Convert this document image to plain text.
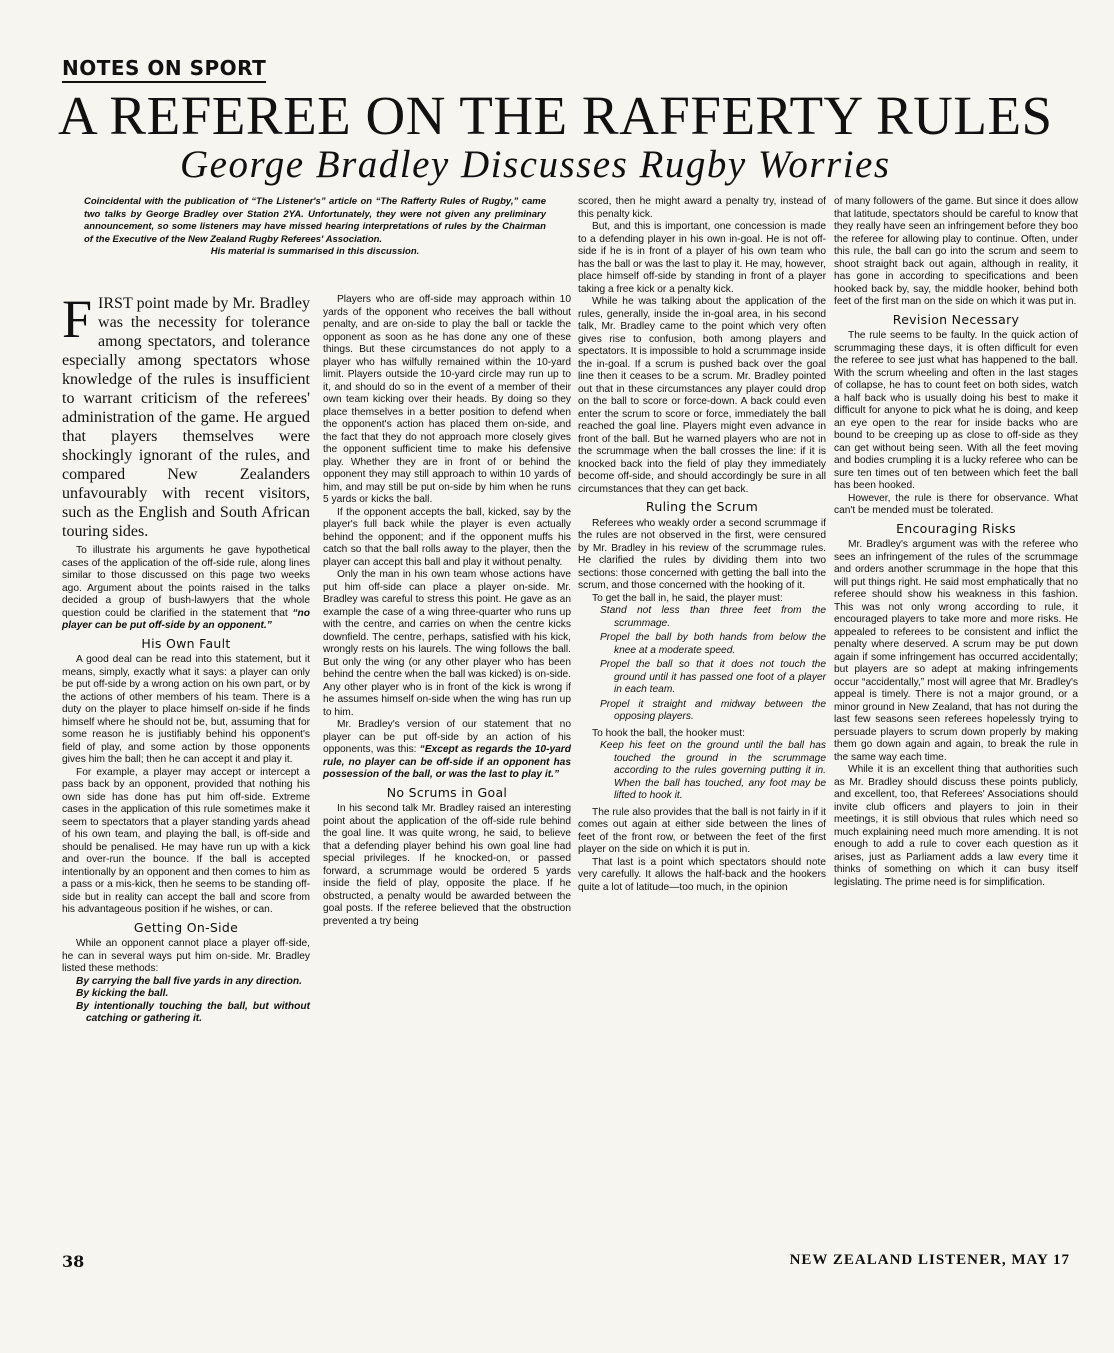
NOTES ON SPORT
A REFEREE ON THE RAFFERTY RULES
George Bradley Discusses Rugby Worries
Coincidental with the publication of “The Listener's” article on “The Rafferty Rules of Rugby,” came two talks by George Bradley over Station 2YA. Unfortunately, they were not given any preliminary announcement, so some listeners may have missed hearing interpretations of rules by the Chairman of the Executive of the New Zealand Rugby Referees' Association.
His material is summarised in this discussion.
FIRST point made by Mr. Bradley was the necessity for tolerance among spectators, and tolerance especially among spectators whose knowledge of the rules is insufficient to warrant criticism of the referees' administration of the game. He argued that players themselves were shockingly ignorant of the rules, and compared New Zealanders unfavourably with recent visitors, such as the English and South African touring sides.

To illustrate his arguments he gave hypothetical cases of the application of the off-side rule, along lines similar to those discussed on this page two weeks ago. Argument about the points raised in the talks decided a group of bush-lawyers that the whole question could be clarified in the statement that “no player can be put off-side by an opponent.”

His Own Fault

A good deal can be read into this statement, but it means, simply, exactly what it says: a player can only be put off-side by a wrong action on his own part, or by the actions of other members of his team. There is a duty on the player to place himself on-side if he finds himself where he should not be, but, assuming that for some reason he is justifiably behind his opponent's field of play, and some action by those opponents gives him the ball; then he can accept it and play it.

For example, a player may accept or intercept a pass back by an opponent, provided that nothing his own side has done has put him off-side. Extreme cases in the application of this rule sometimes make it seem to spectators that a player standing yards ahead of his own team, and playing the ball, is off-side and should be penalised. He may have run up with a kick and over-run the bounce. If the ball is accepted intentionally by an opponent and then comes to him as a pass or a mis-kick, then he seems to be standing off-side but in reality can accept the ball and score from his advantageous position if he wishes, or can.

Getting On-Side

While an opponent cannot place a player off-side, he can in several ways put him on-side. Mr. Bradley listed these methods:

By carrying the ball five yards in any direction.
By kicking the ball.
By intentionally touching the ball, but without catching or gathering it.

Players who are off-side may approach within 10 yards of the opponent who receives the ball without penalty, and are on-side to play the ball or tackle the opponent as soon as he has done any one of these things. But these circumstances do not apply to a player who has wilfully remained within the 10-yard limit. Players outside the 10-yard circle may run up to it, and should do so in the event of a member of their own team kicking over their heads. By doing so they place themselves in a better position to defend when the opponent's action has placed them on-side, and the fact that they do not approach more closely gives the opponent sufficient time to make his defensive play. Whether they are in front of or behind the opponent they may still approach to within 10 yards of him, and may still be put on-side by him when he runs 5 yards or kicks the ball.

If the opponent accepts the ball, kicked, say by the player's full back while the player is even actually behind the opponent; and if the opponent muffs his catch so that the ball rolls away to the player, then the player can accept this ball and play it without penalty.

Only the man in his own team whose actions have put him off-side can place a player on-side. Mr. Bradley was careful to stress this point. He gave as an example the case of a wing three-quarter who runs up with the centre, and carries on when the centre kicks downfield. The centre, perhaps, satisfied with his kick, wrongly rests on his laurels. The wing follows the ball. But only the wing (or any other player who has been behind the centre when the ball was kicked) is on-side. Any other player who is in front of the kick is wrong if he assumes himself on-side when the wing has run up to him.

Mr. Bradley's version of our statement that no player can be put off-side by an action of his opponents, was this: “Except as regards the 10-yard rule, no player can be off-side if an opponent has possession of the ball, or was the last to play it.”

No Scrums in Goal

In his second talk Mr. Bradley raised an interesting point about the application of the off-side rule behind the goal line. It was quite wrong, he said, to believe that a defending player behind his own goal line had special privileges. If he knocked-on, or passed forward, a scrummage would be ordered 5 yards inside the field of play, opposite the place. If he obstructed, a penalty would be awarded between the goal posts. If the referee believed that the obstruction prevented a try being

scored, then he might award a penalty try, instead of this penalty kick.

But, and this is important, one concession is made to a defending player in his own in-goal. He is not off-side if he is in front of a player of his own team who has the ball or was the last to play it. He may, however, place himself off-side by standing in front of a player taking a free kick or a penalty kick.

While he was talking about the application of the rules, generally, inside the in-goal area, in his second talk, Mr. Bradley came to the point which very often gives rise to confusion, both among players and spectators. It is impossible to hold a scrummage inside the in-goal. If a scrum is pushed back over the goal line then it ceases to be a scrum. Mr. Bradley pointed out that in these circumstances any player could drop on the ball to score or force-down. A back could even enter the scrum to score or force, immediately the ball reached the goal line. Players might even advance in front of the ball. But he warned players who are not in the scrummage when the ball crosses the line: if it is knocked back into the field of play they immediately become off-side, and should accordingly be sure in all circumstances that they can get back.

Ruling the Scrum

Referees who weakly order a second scrummage if the rules are not observed in the first, were censured by Mr. Bradley in his review of the scrummage rules. He clarified the rules by dividing them into two sections: those concerned with getting the ball into the scrum, and those concerned with the hooking of it.

To get the ball in, he said, the player must:

Stand not less than three feet from the scrummage.
Propel the ball by both hands from below the knee at a moderate speed.
Propel the ball so that it does not touch the ground until it has passed one foot of a player in each team.
Propel it straight and midway between the opposing players.

To hook the ball, the hooker must:

Keep his feet on the ground until the ball has touched the ground in the scrummage according to the rules governing putting it in. When the ball has touched, any foot may be lifted to hook it.

The rule also provides that the ball is not fairly in if it comes out again at either side between the lines of feet of the front row, or between the feet of the first player on the side on which it is put in.

That last is a point which spectators should note very carefully. It allows the half-back and the hookers quite a lot of latitude—too much, in the opinion

of many followers of the game. But since it does allow that latitude, spectators should be careful to know that they really have seen an infringement before they boo the referee for allowing play to continue. Often, under this rule, the ball can go into the scrum and seem to shoot straight back out again, although in reality, it has gone in according to specifications and been hooked back by, say, the middle hooker, behind both feet of the first man on the side on which it was put in.

Revision Necessary

The rule seems to be faulty. In the quick action of scrummaging these days, it is often difficult for even the referee to see just what has happened to the ball. With the scrum wheeling and often in the last stages of collapse, he has to count feet on both sides, watch a half back who is usually doing his best to make it difficult for anyone to pick what he is doing, and keep an eye open to the rear for inside backs who are bound to be creeping up as close to off-side as they can get without being seen. With all the feet moving and bodies crumpling it is a lucky referee who can be sure ten times out of ten between which feet the ball has been hooked.

However, the rule is there for observance. What can't be mended must be tolerated.

Encouraging Risks

Mr. Bradley's argument was with the referee who sees an infringement of the rules of the scrummage and orders another scrummage in the hope that this will put things right. He said most emphatically that no referee should show his weakness in this fashion. This was not only wrong according to rule, it encouraged players to take more and more risks. He appealed to referees to be consistent and inflict the penalty where deserved. A scrum may be put down again if some infringement has occurred accidentally; but players are so adept at making infringements occur “accidentally,” most will agree that Mr. Bradley's appeal is timely. There is not a major ground, or a minor ground in New Zealand, that has not during the last few seasons seen referees hopelessly trying to persuade players to scrum down properly by making them go down again and again, to break the rule in the same way each time.

While it is an excellent thing that authorities such as Mr. Bradley should discuss these points publicly, and excellent, too, that Referees' Associations should invite club officers and players to join in their meetings, it is still obvious that rules which need so much explaining need much more amending. It is not enough to add a rule to cover each question as it arises, just as Parliament adds a law every time it thinks of something on which it can busy itself legislating. The prime need is for simplification.

38	NEW ZEALAND LISTENER, MAY 17
